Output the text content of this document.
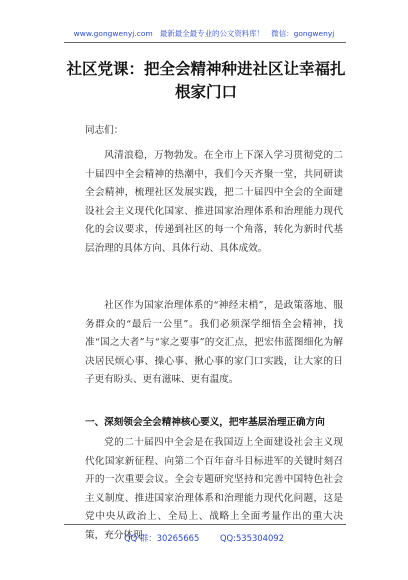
www.gongwenyj.com 最新最全最专业的公文资料库！ 微信：gongwenyj
社区党课：把全会精神种进社区让幸福扎根家门口
同志们：

风清浪稳，万物勃发。在全市上下深入学习贯彻党的二十届四中全会精神的热潮中，我们今天齐聚一堂，共同研读全会精神，梳理社区发展实践，把二十届四中全会的全面建设社会主义现代化国家、推进国家治理体系和治理能力现代化的会议要求，传递到社区的每一个角落，转化为新时代基层治理的具体方向、具体行动、具体成效。

社区作为国家治理体系的“神经末梢”，是政策落地、服务群众的“最后一公里”。我们必须深学细悟全会精神，找准“国之大者”与“家之要事”的交汇点，把宏伟蓝图细化为解决居民烦心事、操心事、揪心事的家门口实践，让大家的日子更有盼头、更有滋味、更有温度。

一、深刻领会全会精神核心要义，把牢基层治理正确方向

党的二十届四中全会是在我国迈上全面建设社会主义现代化国家新征程、向第二个百年奋斗目标进军的关键时刻召开的一次重要会议。全会专题研究坚持和完善中国特色社会主义制度、推进国家治理体系和治理能力现代化问题，这是党中央从政治上、全局上、战略上全面考量作出的重大决策，充分体现

QQ 群：30265665 QQ:535304092
